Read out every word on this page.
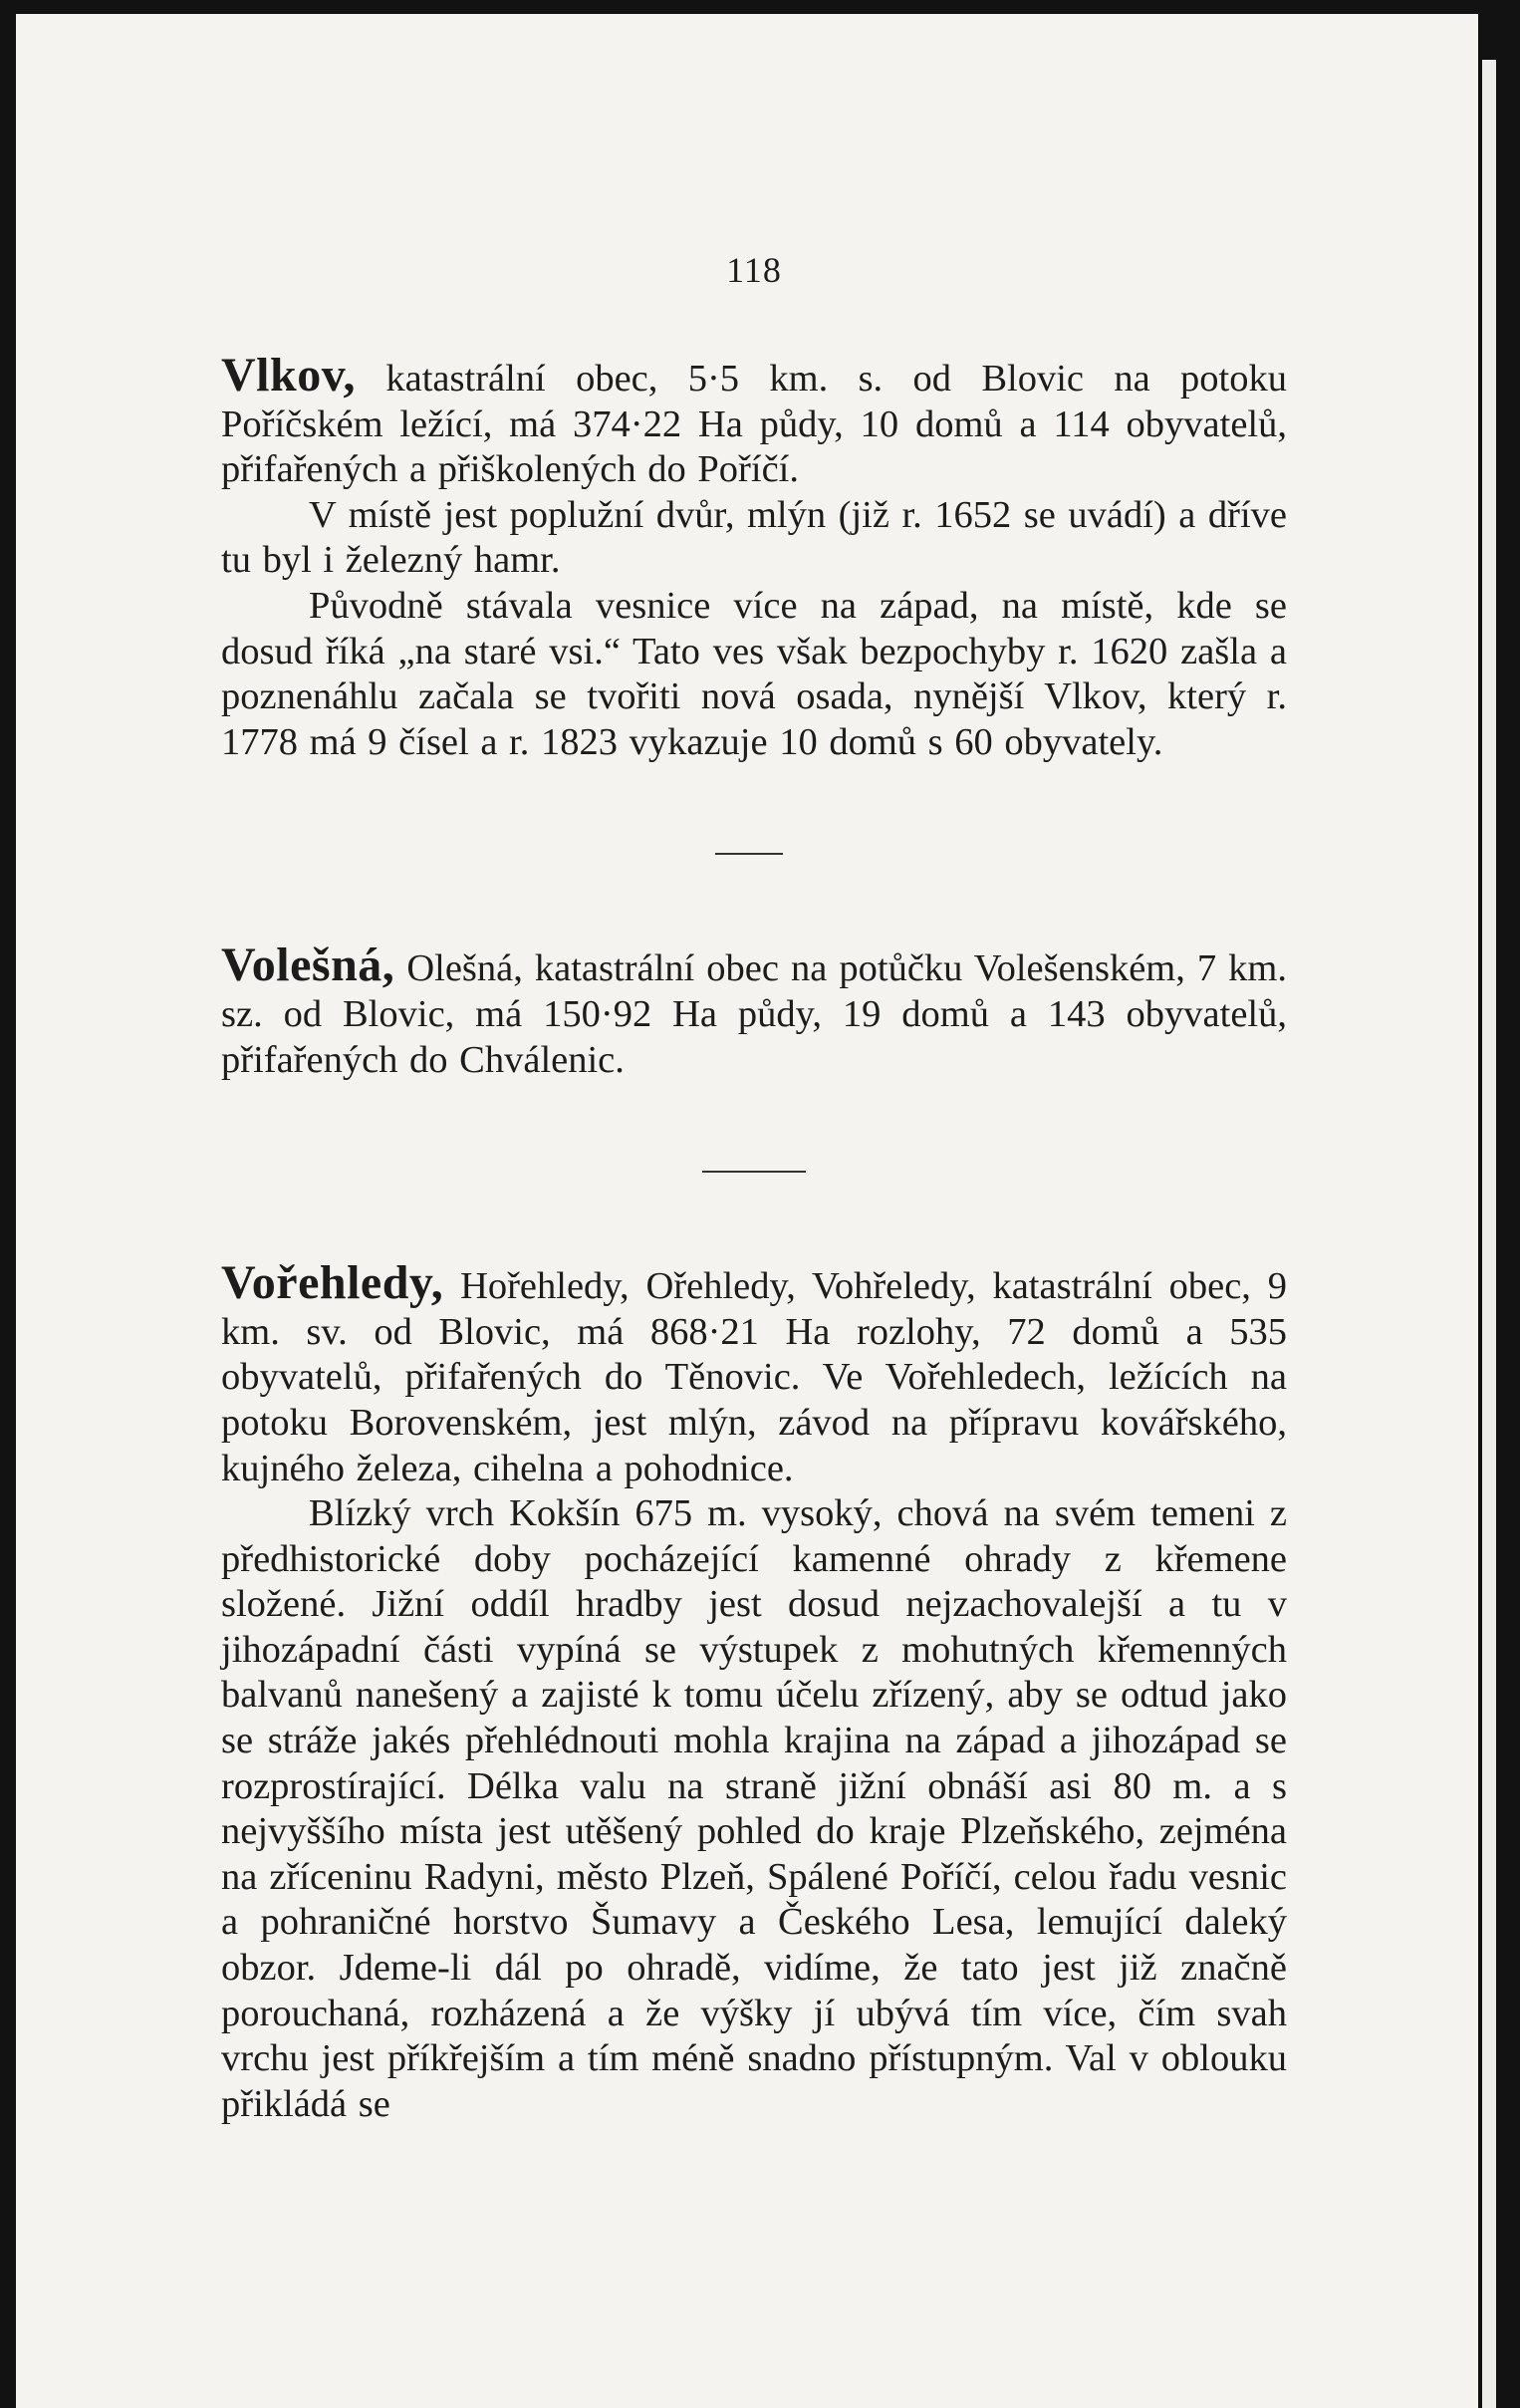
118

Vlkov, katastrální obec, 5·5 km. s. od Blovic na potoku Poříčském ležící, má 374·22 Ha půdy, 10 domů a 114 obyvatelů, přifařených a přiškolených do Poříčí.

V místě jest poplužní dvůr, mlýn (již r. 1652 se uvádí) a dříve tu byl i železný hamr.

Původně stávala vesnice více na západ, na místě, kde se dosud říká „na staré vsi.“ Tato ves však bezpochyby r. 1620 zašla a poznenáhlu začala se tvořiti nová osada, nynější Vlkov, který r. 1778 má 9 čísel a r. 1823 vykazuje 10 domů s 60 obyvately.

Volešná, Olešná, katastrální obec na potůčku Volešenském, 7 km. sz. od Blovic, má 150·92 Ha půdy, 19 domů a 143 obyvatelů, přifařených do Chválenic.

Vořehledy, Hořehledy, Ořehledy, Vohřeledy, katastrální obec, 9 km. sv. od Blovic, má 868·21 Ha rozlohy, 72 domů a 535 obyvatelů, přifařených do Těnovic. Ve Vořehledech, ležících na potoku Borovenském, jest mlýn, závod na přípravu kovářského, kujného železa, cihelna a pohodnice.

Blízký vrch Kokšín 675 m. vysoký, chová na svém temeni z předhistorické doby pocházející kamenné ohrady z křemene složené. Jižní oddíl hradby jest dosud nejzachovalejší a tu v jihozápadní části vypíná se výstupek z mohutných křemenných balvanů nanešený a zajisté k tomu účelu zřízený, aby se odtud jako se stráže jakés přehlédnouti mohla krajina na západ a jihozápad se rozprostírající. Délka valu na straně jižní obnáší asi 80 m. a s nejvyššího místa jest utěšený pohled do kraje Plzeňského, zejména na zříceninu Radyni, město Plzeň, Spálené Poříčí, celou řadu vesnic a pohraničné horstvo Šumavy a Českého Lesa, lemující daleký obzor. Jdeme-li dál po ohradě, vidíme, že tato jest již značně porouchaná, rozházená a že výšky jí ubývá tím více, čím svah vrchu jest příkřejším a tím méně snadno přístupným. Val v oblouku přikládá se
